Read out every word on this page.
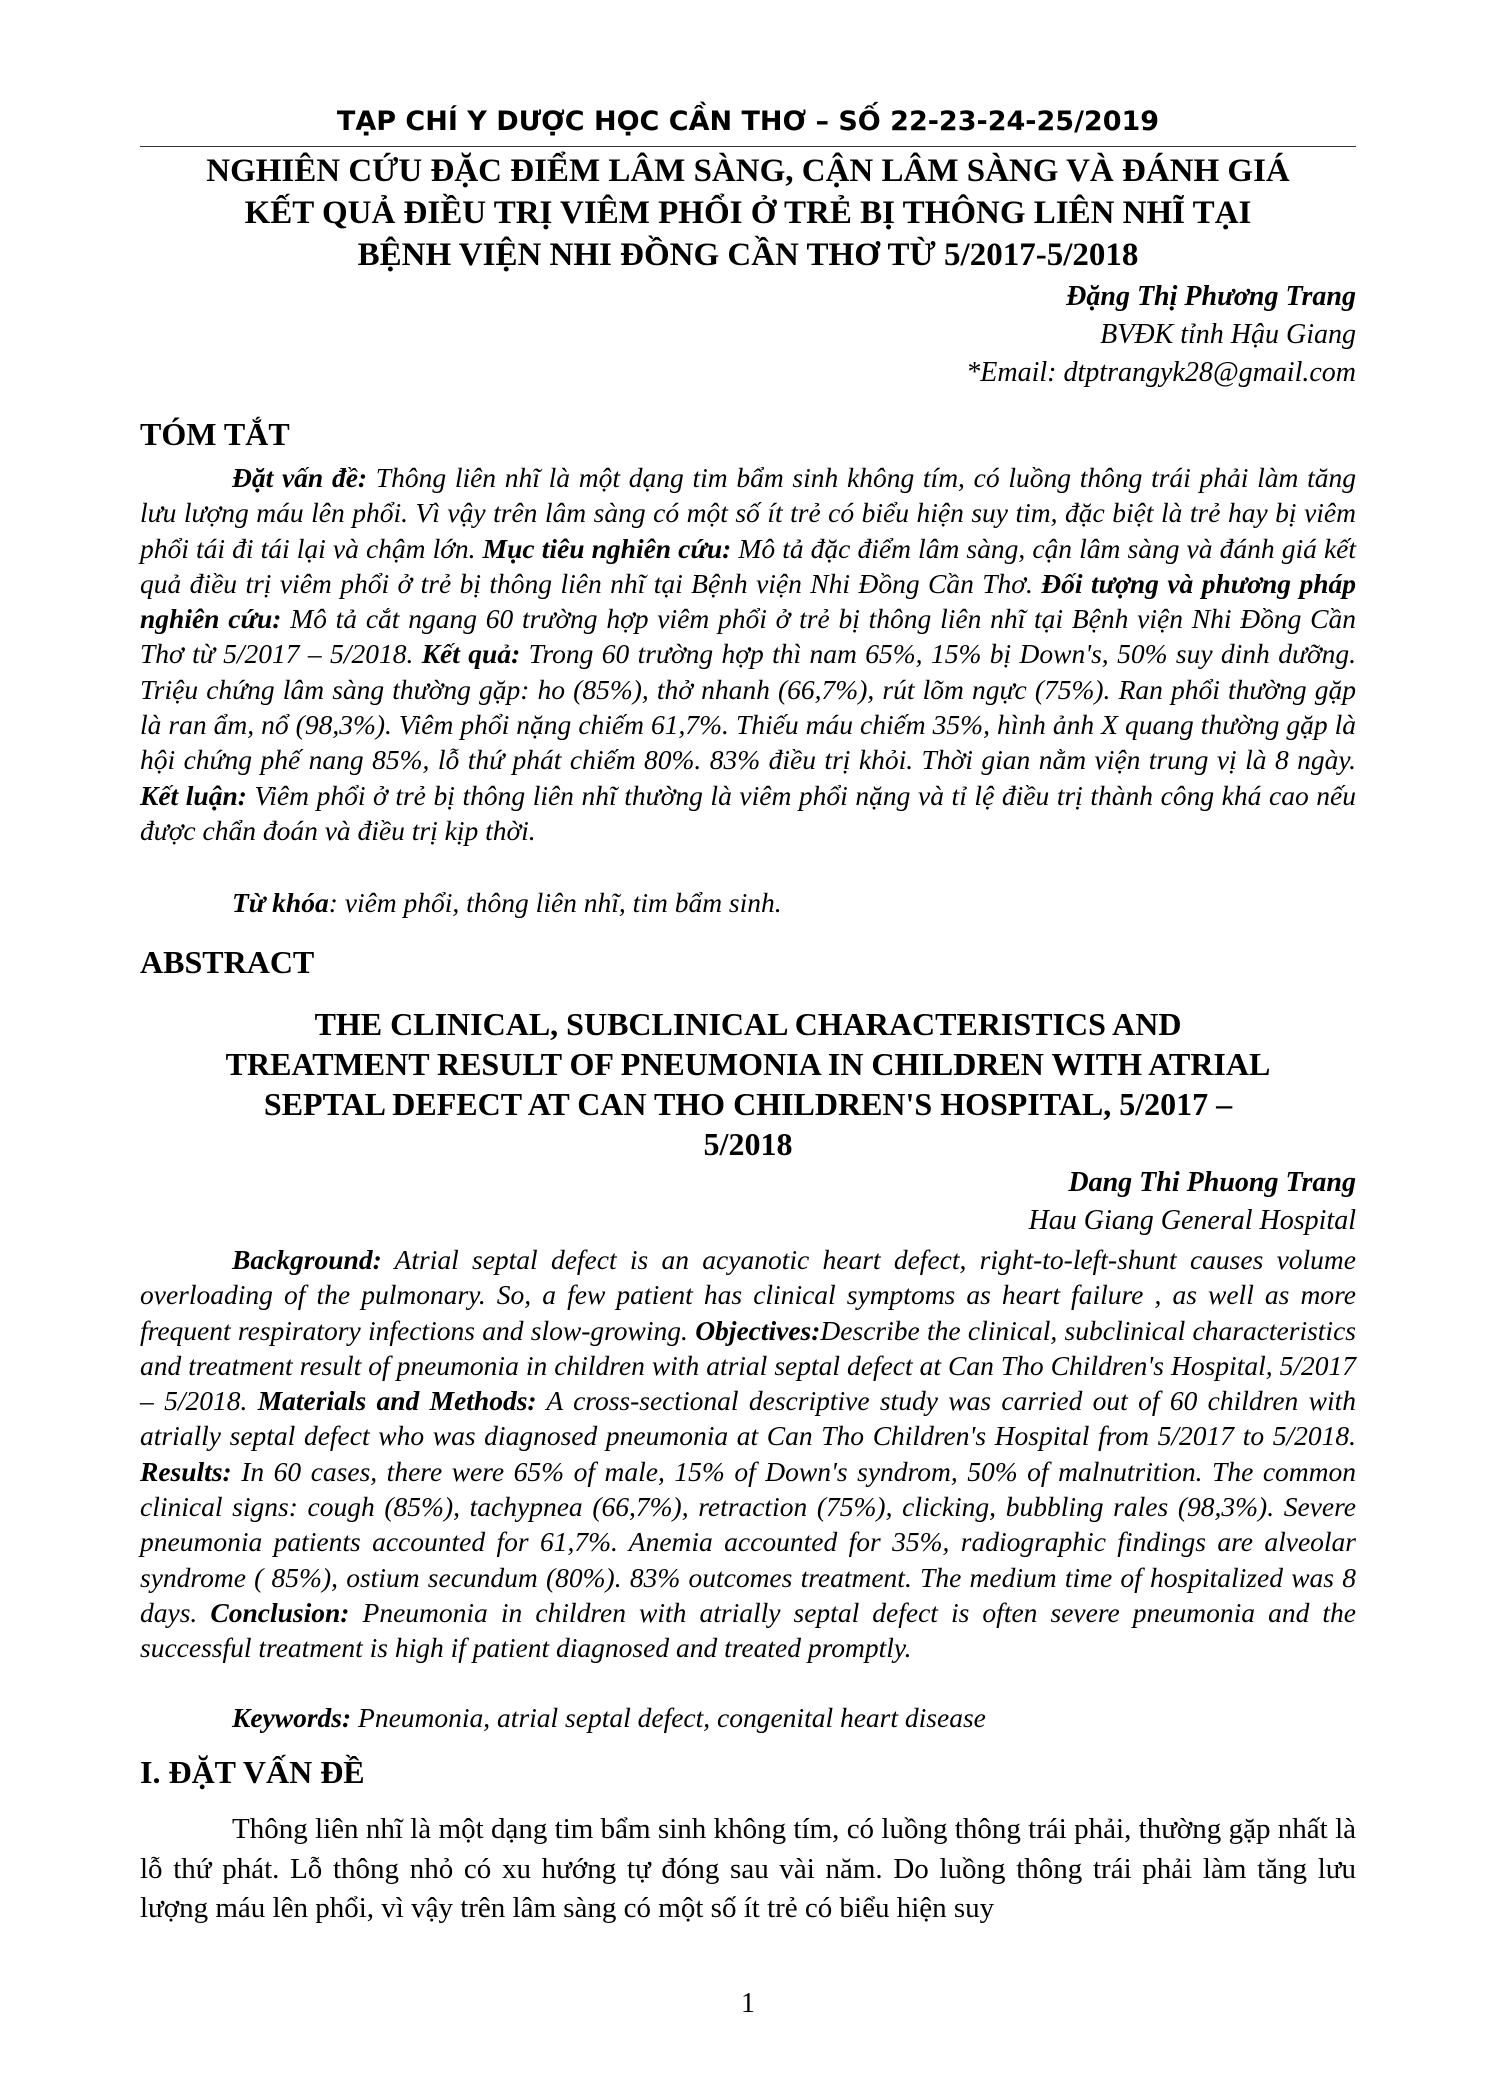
TẠP CHÍ Y DƯỢC HỌC CẦN THƠ – SỐ 22-23-24-25/2019
NGHIÊN CỨU ĐẶC ĐIỂM LÂM SÀNG, CẬN LÂM SÀNG VÀ ĐÁNH GIÁ
KẾT QUẢ ĐIỀU TRỊ VIÊM PHỔI Ở TRẺ BỊ THÔNG LIÊN NHĨ TẠI
BỆNH VIỆN NHI ĐỒNG CẦN THƠ TỪ 5/2017-5/2018
Đặng Thị Phương Trang
BVĐK tỉnh Hậu Giang
*Email: dtptrangyk28@gmail.com
TÓM TẮT
Đặt vấn đề: Thông liên nhĩ là một dạng tim bẩm sinh không tím, có luồng thông trái phải làm tăng lưu lượng máu lên phổi. Vì vậy trên lâm sàng có một số ít trẻ có biểu hiện suy tim, đặc biệt là trẻ hay bị viêm phổi tái đi tái lại và chậm lớn. Mục tiêu nghiên cứu: Mô tả đặc điểm lâm sàng, cận lâm sàng và đánh giá kết quả điều trị viêm phổi ở trẻ bị thông liên nhĩ tại Bệnh viện Nhi Đồng Cần Thơ. Đối tượng và phương pháp nghiên cứu: Mô tả cắt ngang 60 trường hợp viêm phổi ở trẻ bị thông liên nhĩ tại Bệnh viện Nhi Đồng Cần Thơ từ 5/2017 – 5/2018. Kết quả: Trong 60 trường hợp thì nam 65%, 15% bị Down's, 50% suy dinh dưỡng. Triệu chứng lâm sàng thường gặp: ho (85%), thở nhanh (66,7%), rút lõm ngực (75%). Ran phổi thường gặp là ran ẩm, nổ (98,3%). Viêm phổi nặng chiếm 61,7%. Thiếu máu chiếm 35%, hình ảnh X quang thường gặp là hội chứng phế nang 85%, lỗ thứ phát chiếm 80%. 83% điều trị khỏi. Thời gian nằm viện trung vị là 8 ngày. Kết luận: Viêm phổi ở trẻ bị thông liên nhĩ thường là viêm phổi nặng và tỉ lệ điều trị thành công khá cao nếu được chẩn đoán và điều trị kịp thời.
Từ khóa: viêm phổi, thông liên nhĩ, tim bẩm sinh.
ABSTRACT
THE CLINICAL, SUBCLINICAL CHARACTERISTICS AND
TREATMENT RESULT OF PNEUMONIA IN CHILDREN WITH ATRIAL
SEPTAL DEFECT AT CAN THO CHILDREN'S HOSPITAL, 5/2017 –
5/2018
Dang Thi Phuong Trang
Hau Giang General Hospital
Background: Atrial septal defect is an acyanotic heart defect, right-to-left-shunt causes volume overloading of the pulmonary. So, a few patient has clinical symptoms as heart failure , as well as more frequent respiratory infections and slow-growing. Objectives:Describe the clinical, subclinical characteristics and treatment result of pneumonia in children with atrial septal defect at Can Tho Children's Hospital, 5/2017 – 5/2018. Materials and Methods: A cross-sectional descriptive study was carried out of 60 children with atrially septal defect who was diagnosed pneumonia at Can Tho Children's Hospital from 5/2017 to 5/2018. Results: In 60 cases, there were 65% of male, 15% of Down's syndrom, 50% of malnutrition. The common clinical signs: cough (85%), tachypnea (66,7%), retraction (75%), clicking, bubbling rales (98,3%). Severe pneumonia patients accounted for 61,7%. Anemia accounted for 35%, radiographic findings are alveolar syndrome ( 85%), ostium secundum (80%). 83% outcomes treatment. The medium time of hospitalized was 8 days. Conclusion: Pneumonia in children with atrially septal defect is often severe pneumonia and the successful treatment is high if patient diagnosed and treated promptly.
Keywords: Pneumonia, atrial septal defect, congenital heart disease
I. ĐẶT VẤN ĐỀ
Thông liên nhĩ là một dạng tim bẩm sinh không tím, có luồng thông trái phải, thường gặp nhất là lỗ thứ phát. Lỗ thông nhỏ có xu hướng tự đóng sau vài năm. Do luồng thông trái phải làm tăng lưu lượng máu lên phổi, vì vậy trên lâm sàng có một số ít trẻ có biểu hiện suy
1
